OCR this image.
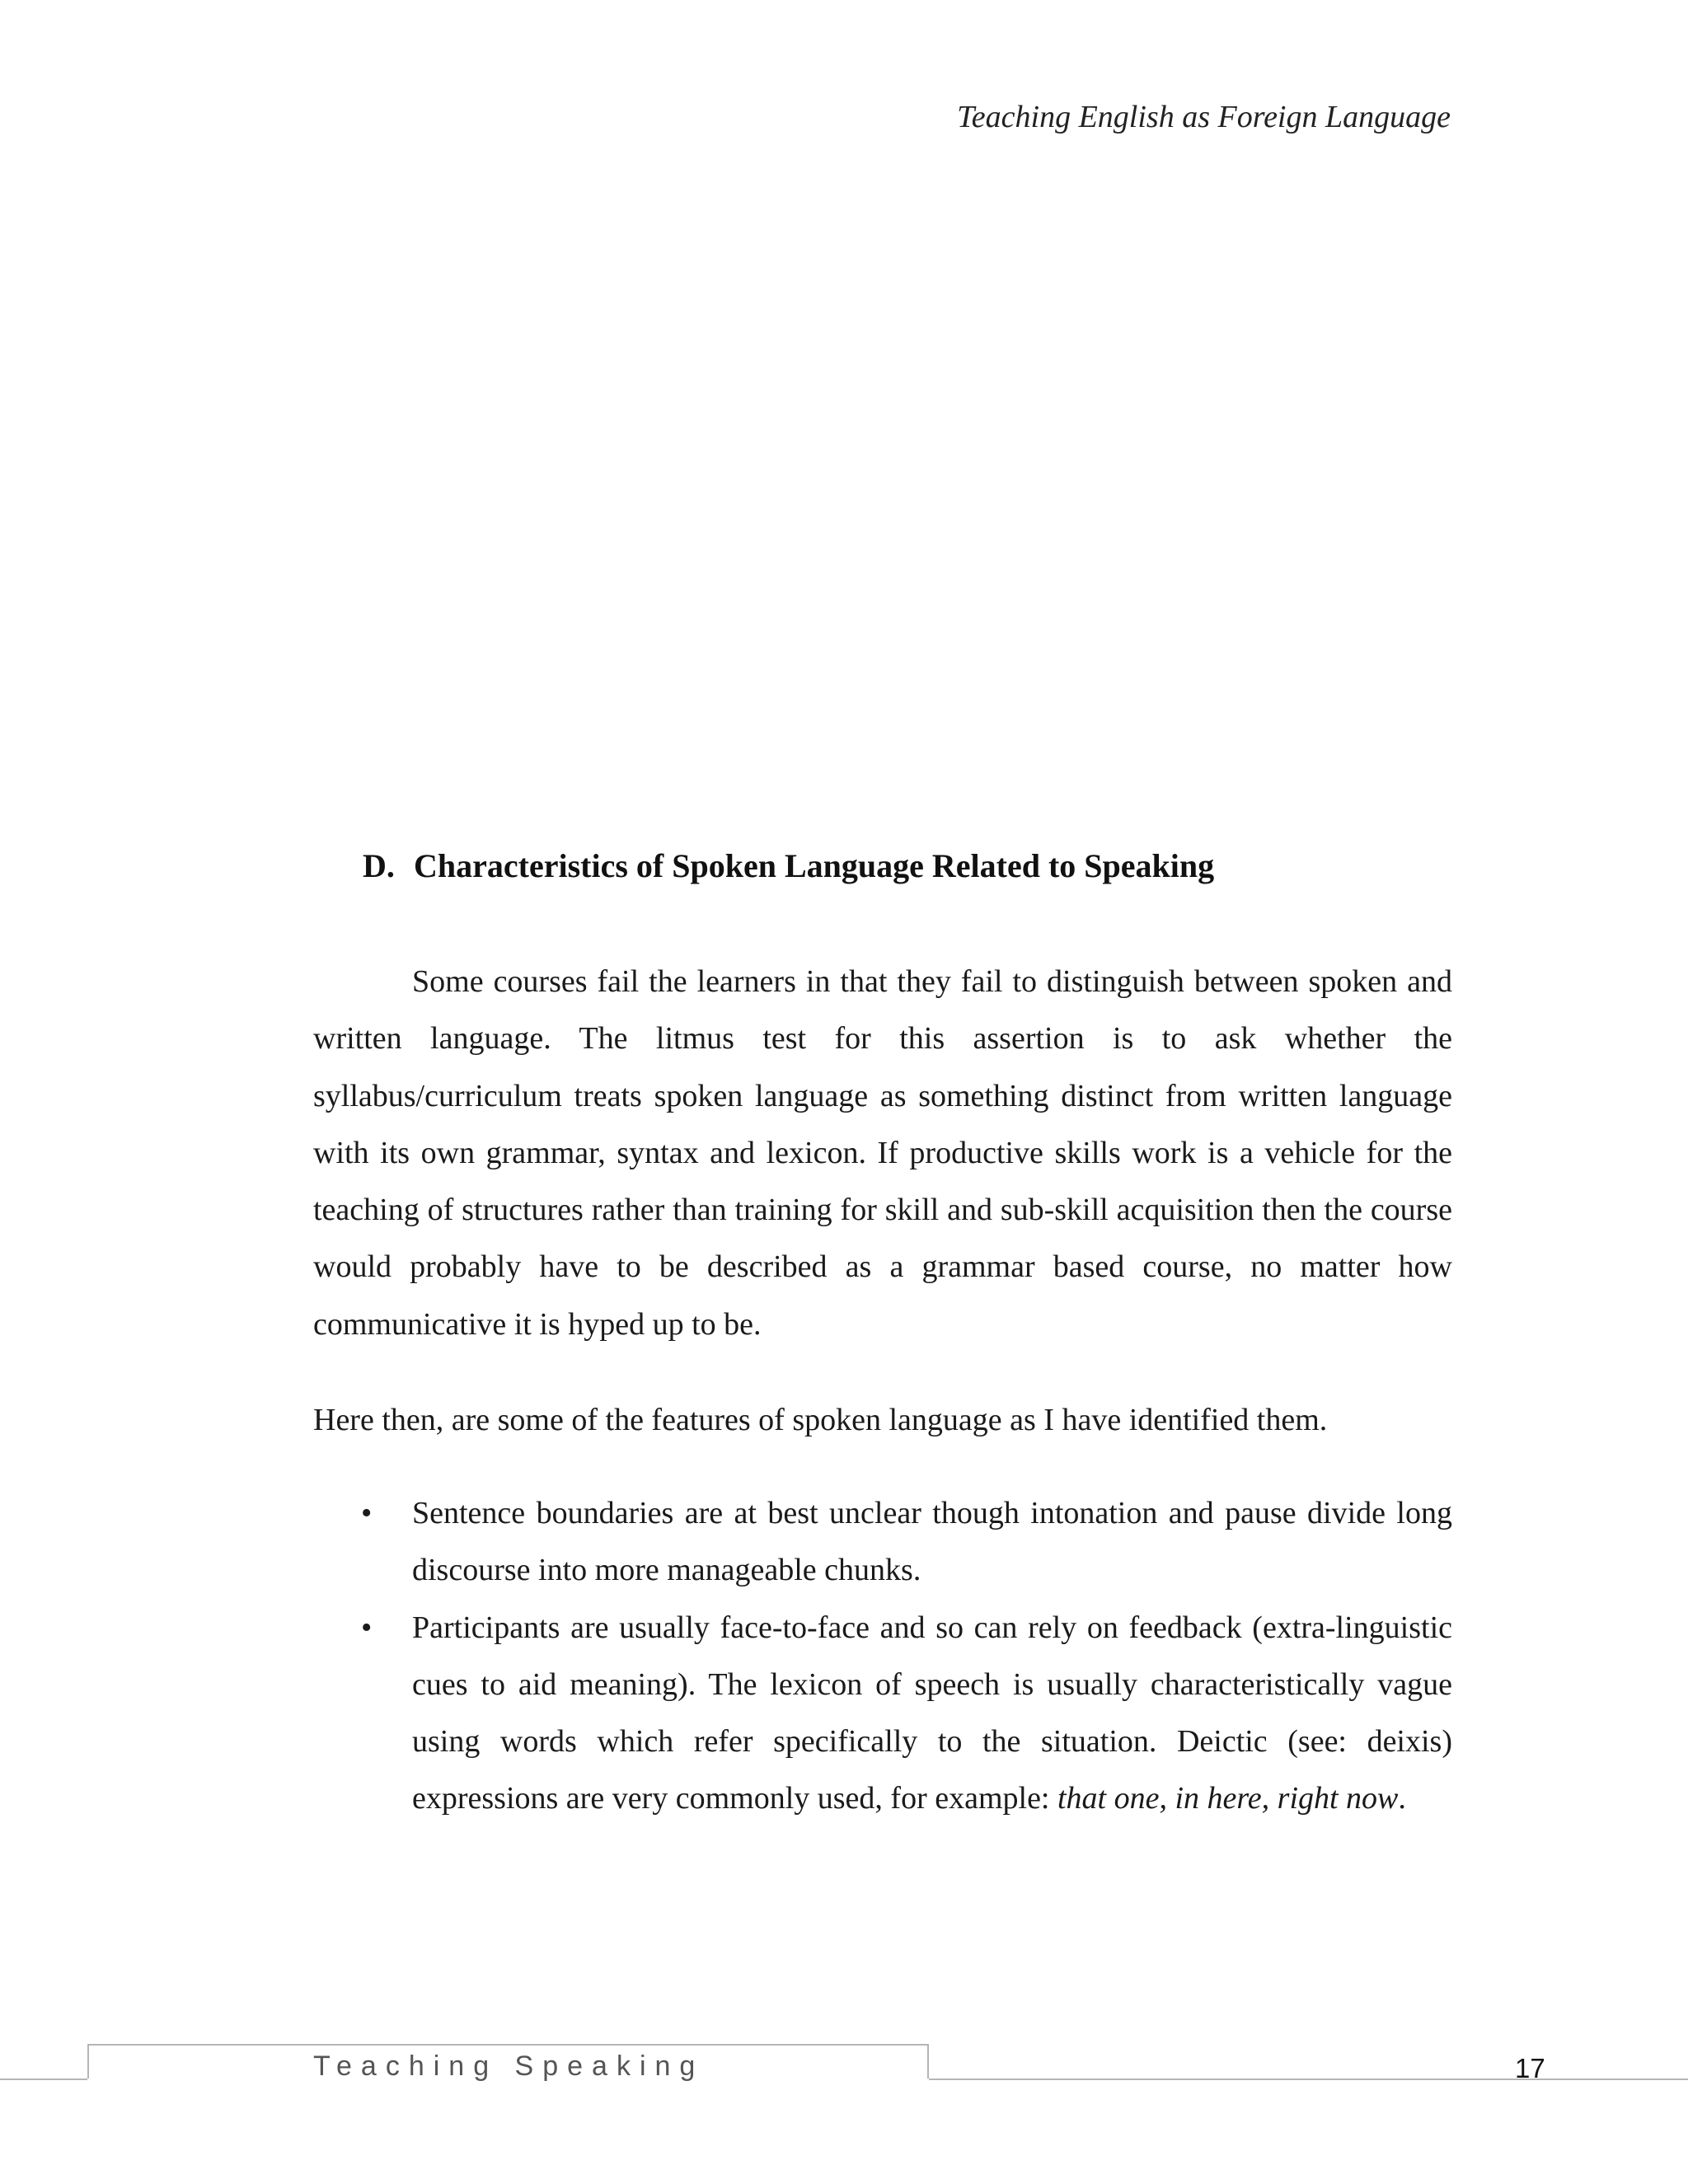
Teaching English as Foreign Language
D. Characteristics of Spoken Language Related to Speaking

Some courses fail the learners in that they fail to distinguish between spoken and written language. The litmus test for this assertion is to ask whether the syllabus/curriculum treats spoken language as something distinct from written language with its own grammar, syntax and lexicon. If productive skills work is a vehicle for the teaching of structures rather than training for skill and sub-skill acquisition then the course would probably have to be described as a grammar based course, no matter how communicative it is hyped up to be.

Here then, are some of the features of spoken language as I have identified them.

• Sentence boundaries are at best unclear though intonation and pause divide long discourse into more manageable chunks.
• Participants are usually face-to-face and so can rely on feedback (extra-linguistic cues to aid meaning). The lexicon of speech is usually characteristically vague using words which refer specifically to the situation. Deictic (see: deixis) expressions are very commonly used, for example: that one, in here, right now.
Teaching Speaking	17
